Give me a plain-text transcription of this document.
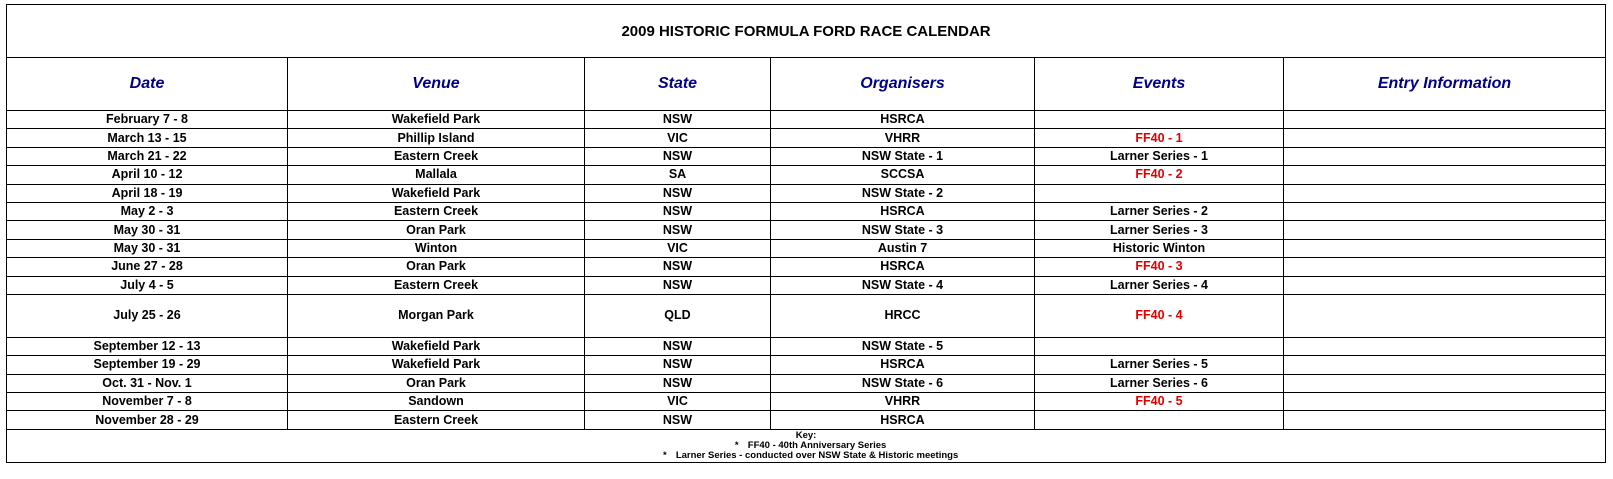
2009 HISTORIC FORMULA FORD RACE CALENDAR					
Date	Venue	State	Organisers	Events	Entry Information
February 7 - 8	Wakefield Park	NSW	HSRCA		
March 13 - 15	Phillip Island	VIC	VHRR	FF40 - 1	
March 21 - 22	Eastern Creek	NSW	NSW State - 1	Larner Series - 1	
April 10 - 12	Mallala	SA	SCCSA	FF40 - 2	
April 18 - 19	Wakefield Park	NSW	NSW State - 2		
May 2 - 3	Eastern Creek	NSW	HSRCA	Larner Series - 2	
May 30 - 31	Oran Park	NSW	NSW State - 3	Larner Series - 3	
May 30 - 31	Winton	VIC	Austin 7	Historic Winton	
June 27 - 28	Oran Park	NSW	HSRCA	FF40 - 3	
July 4 - 5	Eastern Creek	NSW	NSW State - 4	Larner Series - 4	
July 25 - 26	Morgan Park	QLD	HRCC	FF40 - 4	
September 12 - 13	Wakefield Park	NSW	NSW State - 5		
September 19 - 29	Wakefield Park	NSW	HSRCA	Larner Series - 5	
Oct. 31 - Nov. 1	Oran Park	NSW	NSW State - 6	Larner Series - 6	
November 7 - 8	Sandown	VIC	VHRR	FF40 - 5	
November 28 - 29	Eastern Creek	NSW	HSRCA		

Key:
* FF40 - 40th Anniversary Series
* Larner Series - conducted over NSW State & Historic meetings					
